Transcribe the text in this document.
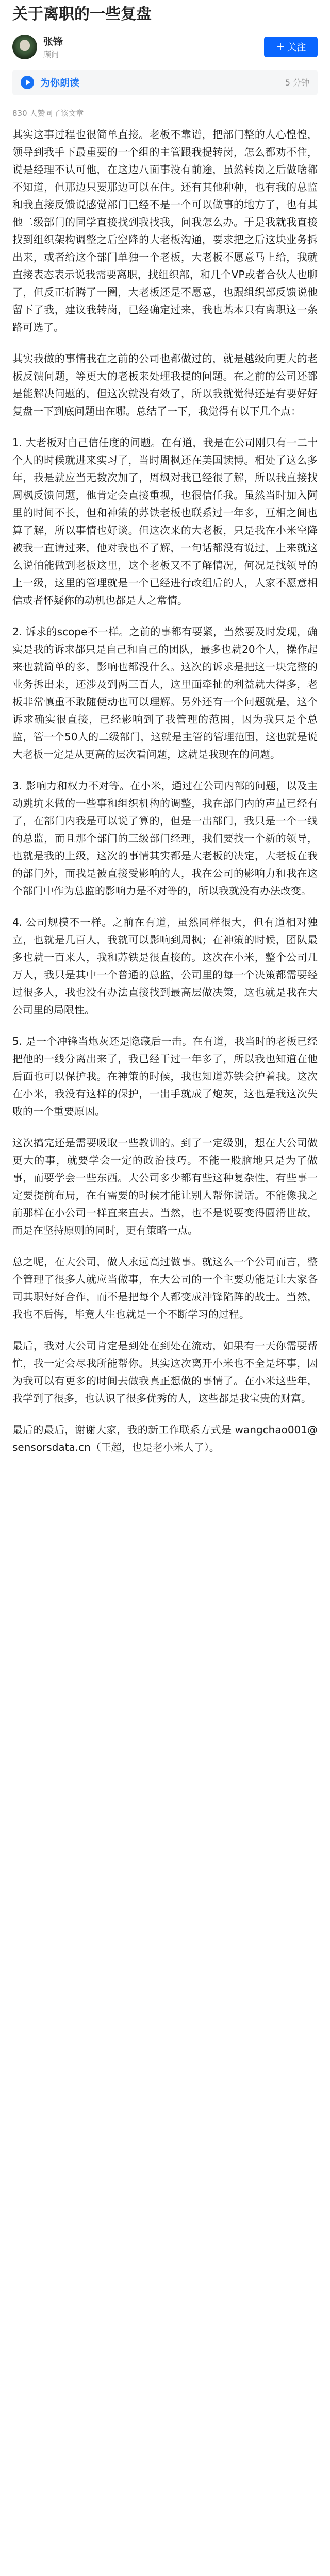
关于离职的一些复盘
张锋
顾问
+ 关注
为你朗读	5 分钟
830 人赞同了该文章

其实这事过程也很简单直接。老板不靠谱，把部门整的人心惶惶，领导到我手下最重要的一个组的主管跟我提转岗，怎么都劝不住，说是经理不认可他，在这边八面事没有前途，虽然转岗之后做啥都不知道，但那边只要那边可以在住。还有其他种种，也有我的总监和我直接反馈说感觉部门已经不是一个可以做事的地方了，也有其他二级部门的同学直接找到我找我，问我怎么办。于是我就我直接找到组织架构调整之后空降的大老板沟通，要求把之后这块业务拆出来，或者给这个部门单独一个老板，大老板不愿意马上给，我就直接表态表示说我需要离职，找组织部，和几个VP或者合伙人也聊了，但反正折腾了一圈，大老板还是不愿意，也跟组织部反馈说他留下了我，建议我转岗，已经确定过来，我也基本只有离职这一条路可选了。

其实我做的事情我在之前的公司也都做过的，就是越级向更大的老板反馈问题，等更大的老板来处理我提的问题。在之前的公司还都是能解决问题的，但这次就没有效了，所以我就觉得还是有要好好复盘一下到底问题出在哪。总结了一下，我觉得有以下几个点：

1. 大老板对自己信任度的问题。在有道，我是在公司刚只有一二十个人的时候就进来实习了，当时周枫还在美国读博。相处了这么多年，我是就应当无数次加了，周枫对我已经很了解，所以我直接找周枫反馈问题，他肯定会直接重视，也很信任我。虽然当时加入阿里的时间不长，但和神策的苏铁老板也联系过一年多，互相之间也算了解，所以事情也好谈。但这次来的大老板，只是我在小米空降被我一直请过来，他对我也不了解，一句话都没有说过，上来就这么说怕能做到老板这里，这个老板又不了解情况，何况是找领导的上一级，这里的管理就是一个已经进行改组后的人，人家不愿意相信或者怀疑你的动机也都是人之常情。

2. 诉求的scope不一样。之前的事都有要紧，当然要及时发现，确实是我的诉求都只是自己和自己的团队，最多也就20个人，操作起来也就简单的多，影响也都没什么。这次的诉求是把这一块完整的业务拆出来，还涉及到两三百人，这里面牵扯的利益就大得多，老板非常慎重不敢随便动也可以理解。另外还有一个问题就是，这个诉求确实很直接，已经影响到了我管理的范围，因为我只是个总监，管一个50人的二级部门，这就是主管的管理范围，这也就是说大老板一定是从更高的层次看问题，这就是我现在的问题。

3. 影响力和权力不对等。在小米，通过在公司内部的问题，以及主动跳坑来做的一些事和组织机构的调整，我在部门内的声量已经有了，在部门内我是可以说了算的，但是一出部门，我只是一个一线的总监，而且那个部门的三级部门经理，我们要找一个新的领导，也就是我的上级，这次的事情其实都是大老板的决定，大老板在我的部门外，而我是被直接受影响的人，我在公司的影响力和我在这个部门中作为总监的影响力是不对等的，所以我就没有办法改变。

4. 公司规模不一样。之前在有道，虽然同样很大，但有道相对独立，也就是几百人，我就可以影响到周枫；在神策的时候，团队最多也就一百来人，我和苏铁是很直接的。这次在小米，整个公司几万人，我只是其中一个普通的总监，公司里的每一个决策都需要经过很多人，我也没有办法直接找到最高层做决策，这也就是我在大公司里的局限性。

5. 是一个冲锋当炮灰还是隐藏后一击。在有道，我当时的老板已经把他的一线分离出来了，我已经干过一年多了，所以我也知道在他后面也可以保护我。在神策的时候，我也知道苏铁会护着我。这次在小米，我没有这样的保护，一出手就成了炮灰，这也是我这次失败的一个重要原因。

这次搞完还是需要吸取一些教训的。到了一定级别，想在大公司做更大的事，就要学会一定的政治技巧。不能一股脑地只是为了做事，而要学会一些东西。大公司多少都有些这种复杂性，有些事一定要提前布局，在有需要的时候才能让别人帮你说话。不能像我之前那样在小公司一样直来直去。当然，也不是说要变得圆滑世故，而是在坚持原则的同时，更有策略一点。

总之呢，在大公司，做人永远高过做事。就这么一个公司而言，整个管理了很多人就应当做事，在大公司的一个主要功能是让大家各司其职好好合作，而不是把每个人都变成冲锋陷阵的战士。当然，我也不后悔，毕竟人生也就是一个不断学习的过程。

最后，我对大公司肯定是到处在到处在流动，如果有一天你需要帮忙，我一定会尽我所能帮你。其实这次离开小米也不全是坏事，因为我可以有更多的时间去做我真正想做的事情了。在小米这些年，我学到了很多，也认识了很多优秀的人，这些都是我宝贵的财富。

最后的最后，谢谢大家，我的新工作联系方式是 wangchao001@sensorsdata.cn（王超，也是老小米人了）。
